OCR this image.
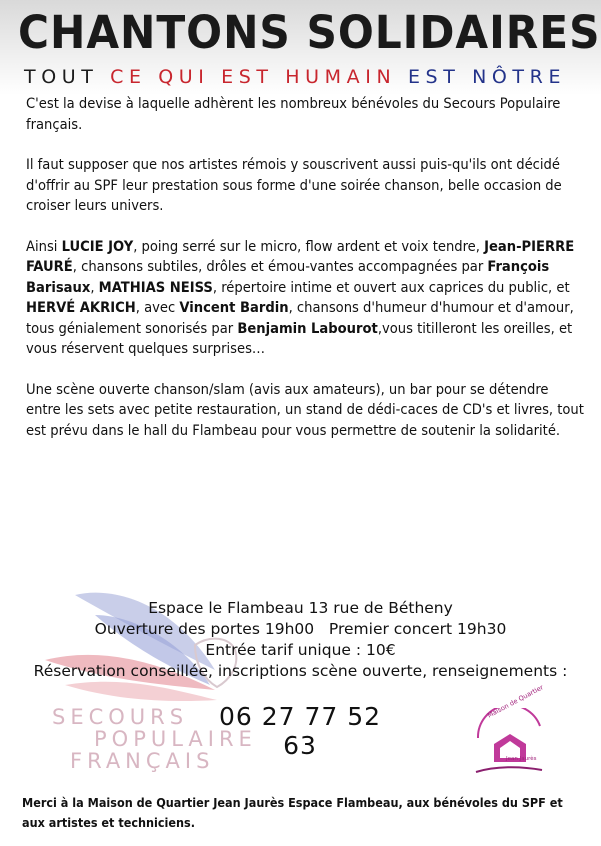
CHANTONS SOLIDAIRES
TOUT CE QUI EST HUMAIN EST NÔTRE

C'est la devise à laquelle adhèrent les nombreux bénévoles du Secours Populaire français.

Il faut supposer que nos artistes rémois y souscrivent aussi puis-qu'ils ont décidé d'offrir au SPF leur prestation sous forme d'une soirée chanson, belle occasion de croiser leurs univers.

Ainsi LUCIE JOY, poing serré sur le micro, flow ardent et voix tendre, Jean-PIERRE FAURÉ, chansons subtiles, drôles et émou-vantes accompagnées par François Barisaux, MATHIAS NEISS, répertoire intime et ouvert aux caprices du public, et HERVÉ AKRICH, avec Vincent Bardin, chansons d'humeur d'humour et d'amour, tous génialement sonorisés par Benjamin Labourot,vous titilleront les oreilles, et vous réservent quelques surprises…

Une scène ouverte chanson/slam (avis aux amateurs), un bar pour se détendre entre les sets avec petite restauration, un stand de dédi-caces de CD's et livres, tout est prévu dans le hall du Flambeau pour vous permettre de soutenir la solidarité.

SECOURS
POPULAIRE
FRANÇAIS
Espace le Flambeau 13 rue de Bétheny
Ouverture des portes 19h00 Premier concert 19h30
Entrée tarif unique : 10€
Réservation conseillée, inscriptions scène ouverte, renseignements :
06 27 77 52 63
Maison de Quartier
Jean Jaurès
Merci à la Maison de Quartier Jean Jaurès Espace Flambeau, aux bénévoles du SPF et aux artistes et techniciens.
